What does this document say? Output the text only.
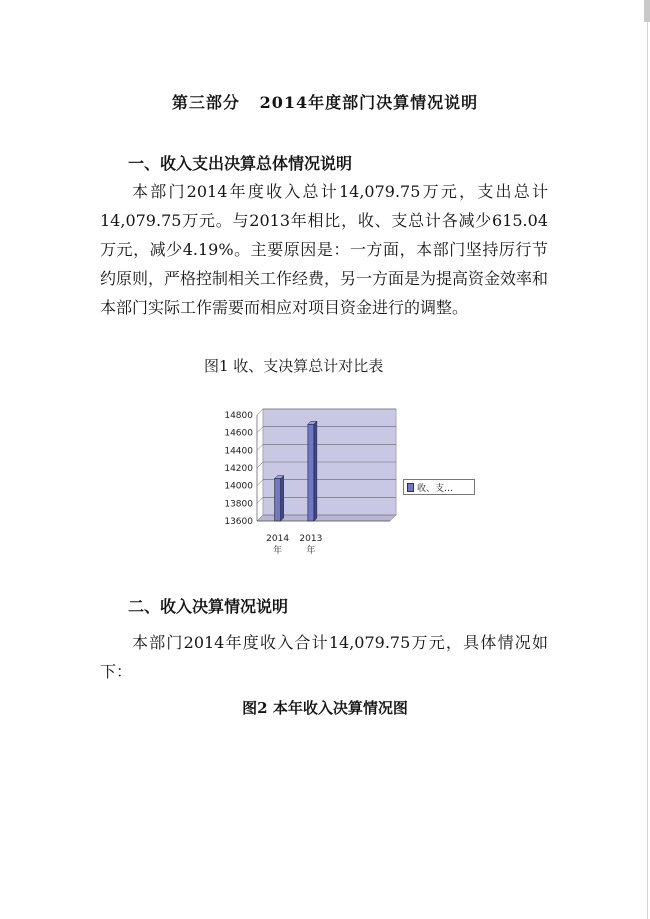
第三部分   2014年度部门决算情况说明
一、收入支出决算总体情况说明
本部门2014年度收入总计14,079.75万元，支出总计14,079.75万元。与2013年相比，收、支总计各减少615.04万元，减少4.19%。主要原因是：一方面，本部门坚持厉行节约原则，严格控制相关工作经费，另一方面是为提高资金效率和本部门实际工作需要而相应对项目资金进行的调整。
图1 收、支决算总计对比表
14800
14600
14400
14200
14000
13800
13600
2014
年
2013
年
收、支…
二、收入决算情况说明
本部门2014年度收入合计14,079.75万元，具体情况如下：
图2 本年收入决算情况图
